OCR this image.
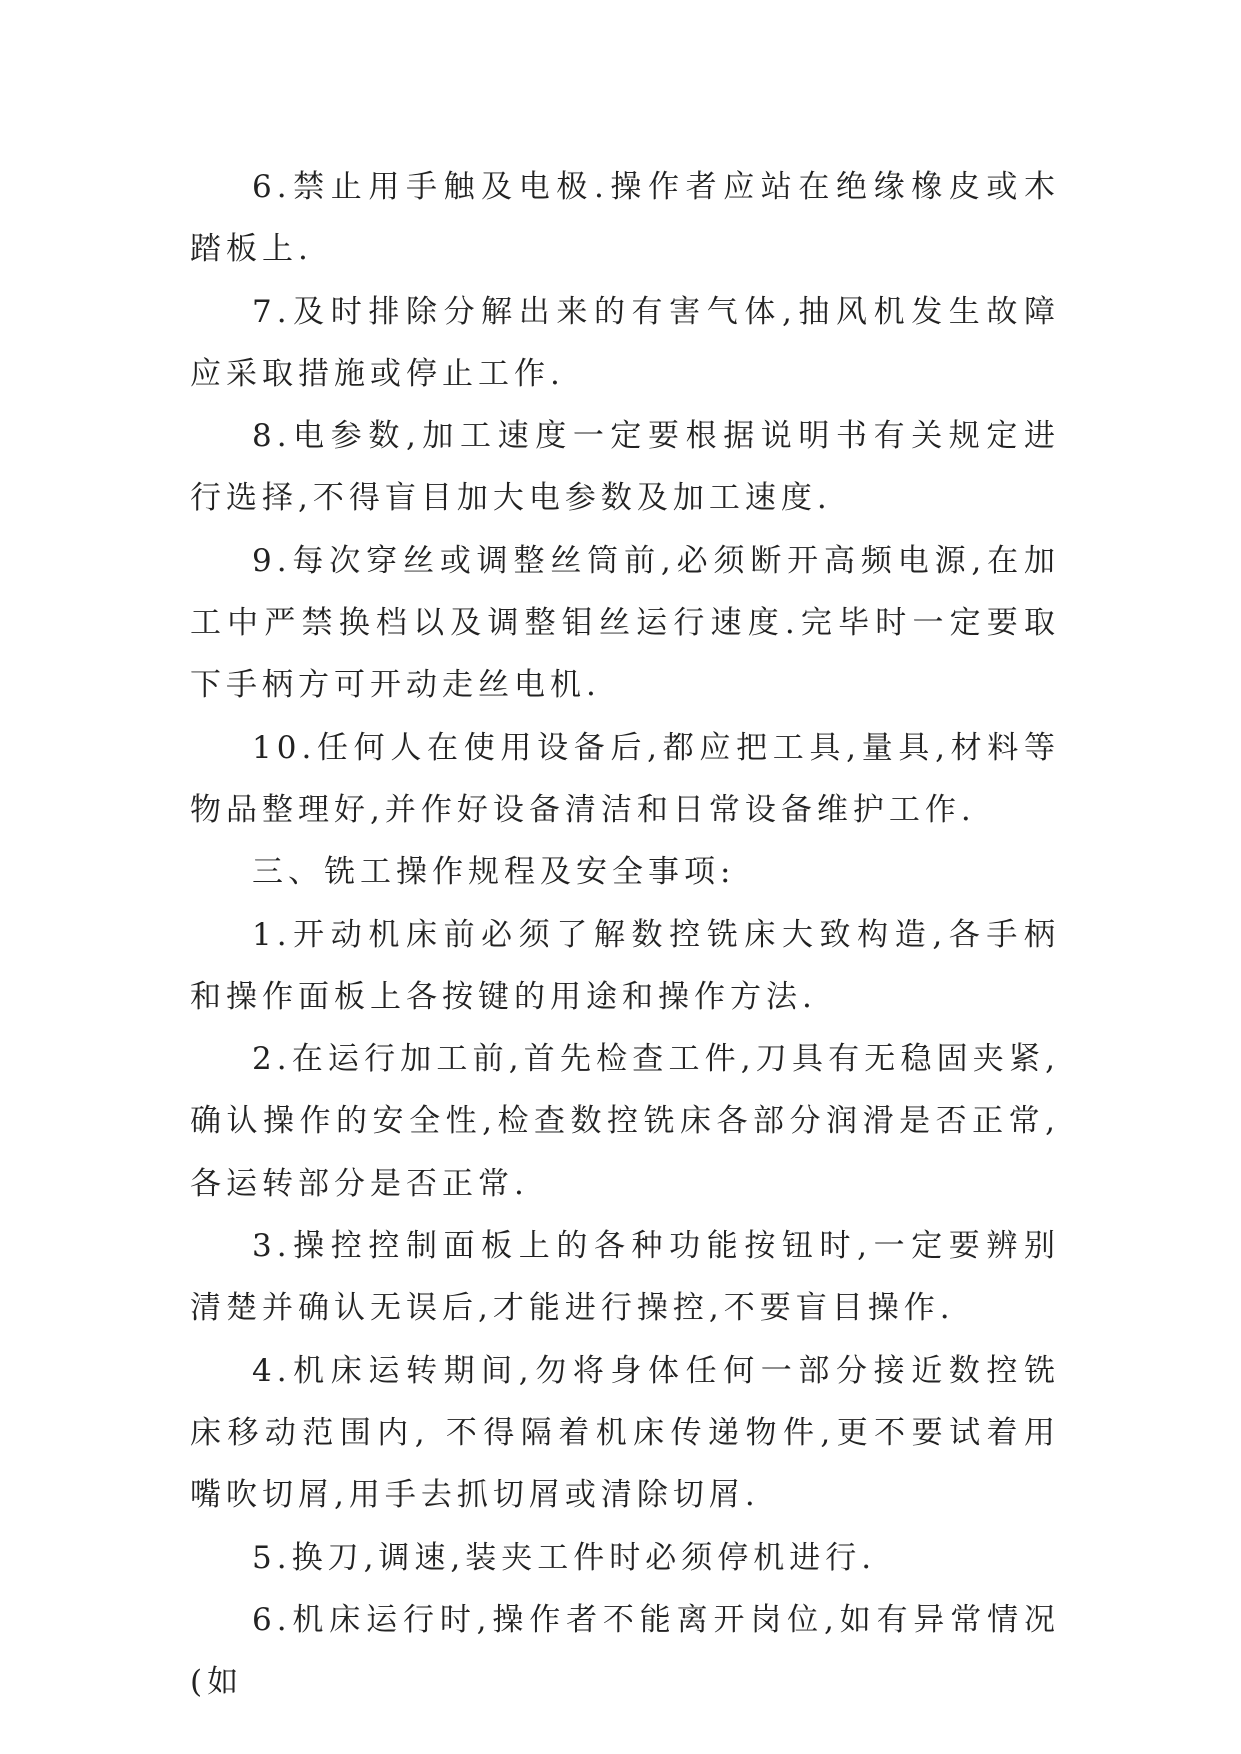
6.禁止用手触及电极.操作者应站在绝缘橡皮或木踏板上.

7.及时排除分解出来的有害气体,抽风机发生故障应采取措施或停止工作.

8.电参数,加工速度一定要根据说明书有关规定进行选择,不得盲目加大电参数及加工速度.

9.每次穿丝或调整丝筒前,必须断开高频电源,在加工中严禁换档以及调整钼丝运行速度.完毕时一定要取下手柄方可开动走丝电机.

10.任何人在使用设备后,都应把工具,量具,材料等物品整理好,并作好设备清洁和日常设备维护工作.

三、铣工操作规程及安全事项:

1.开动机床前必须了解数控铣床大致构造,各手柄和操作面板上各按键的用途和操作方法.

2.在运行加工前,首先检查工件,刀具有无稳固夹紧,确认操作的安全性,检查数控铣床各部分润滑是否正常,各运转部分是否正常.

3.操控控制面板上的各种功能按钮时,一定要辨别清楚并确认无误后,才能进行操控,不要盲目操作.

4.机床运转期间,勿将身体任何一部分接近数控铣床移动范围内, 不得隔着机床传递物件,更不要试着用嘴吹切屑,用手去抓切屑或清除切屑.

5.换刀,调速,装夹工件时必须停机进行.

6.机床运行时,操作者不能离开岗位,如有异常情况(如
